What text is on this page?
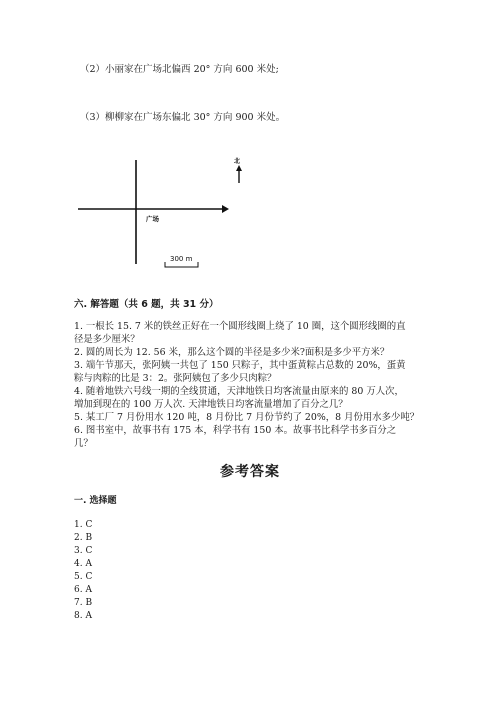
（2）小丽家在广场北偏西 20° 方向 600 米处;
（3）柳柳家在广场东偏北 30° 方向 900 米处。
北
广场
300 m
六. 解答题（共 6 题，共 31 分）
1. 一根长 15. 7 米的铁丝正好在一个圆形线圈上绕了 10 圈，这个圆形线圈的直
径是多少厘米？
2. 圆的周长为 12. 56 米，那么这个圆的半径是多少米?面积是多少平方米？
3. 端午节那天，张阿姨一共包了 150 只粽子，其中蛋黄粽占总数的 20%，蛋黄
粽与肉粽的比是 3：2。张阿姨包了多少只肉粽？
4. 随着地铁六号线一期的全线贯通，天津地铁日均客流量由原来的 80 万人次，
増加到现在的 100 万人次. 天津地铁日均客流量增加了百分之几？
5. 某工厂 7 月份用水 120 吨，8 月份比 7 月份节约了 20%，8 月份用水多少吨？
6. 图书室中，故事书有 175 本，科学书有 150 本。故事书比科学书多百分之
几？
参考答案
一. 选择题
1. C
2. B
3. C
4. A
5. C
6. A
7. B
8. A
